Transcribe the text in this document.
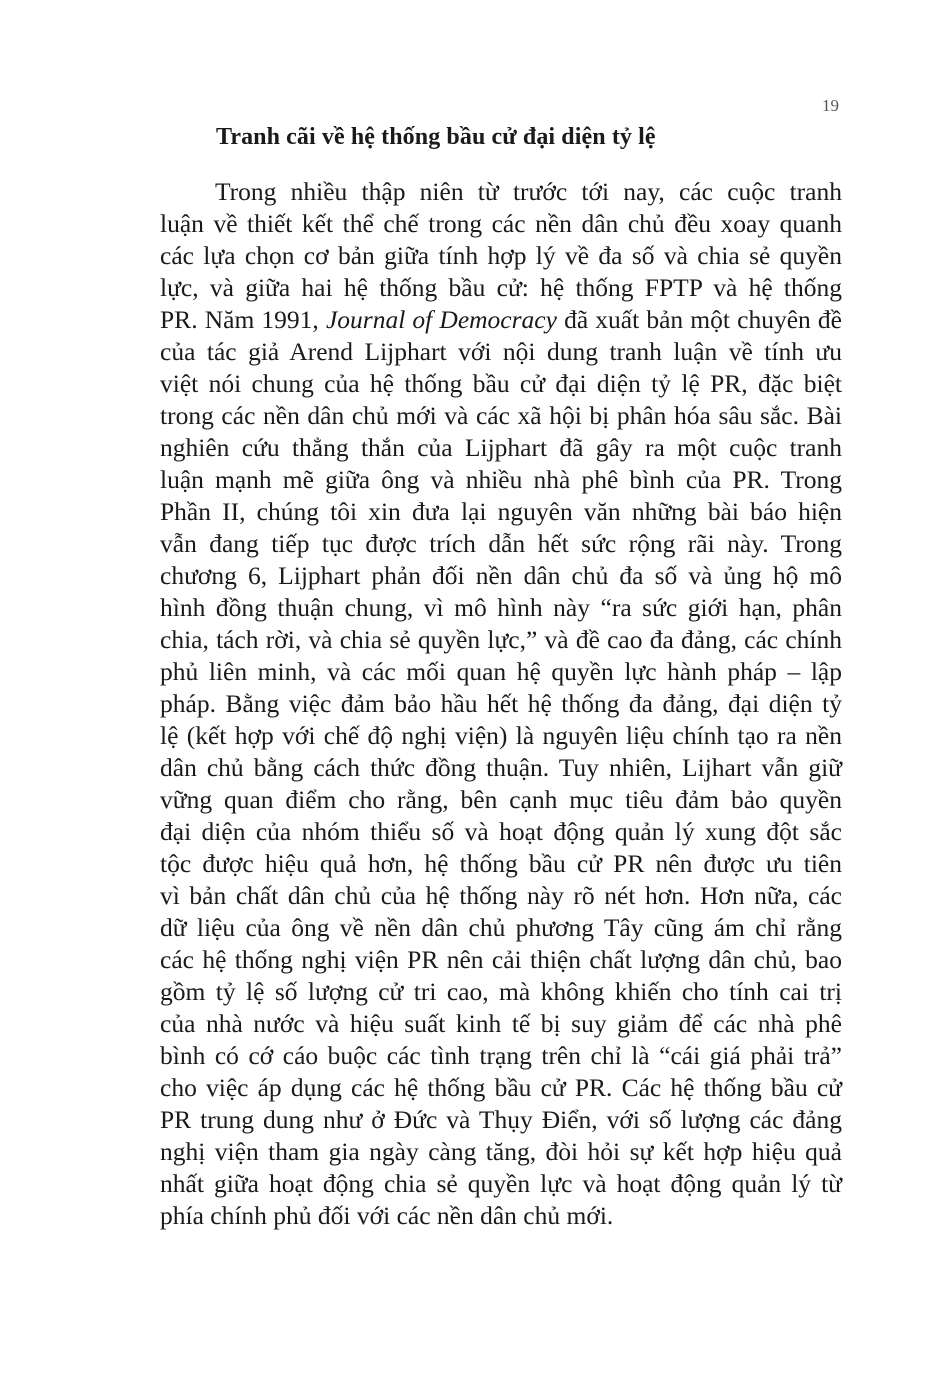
19
Tranh cãi về hệ thống bầu cử đại diện tỷ lệ
Trong nhiều thập niên từ trước tới nay, các cuộc tranh
luận về thiết kết thể chế trong các nền dân chủ đều xoay quanh
các lựa chọn cơ bản giữa tính hợp lý về đa số và chia sẻ quyền
lực, và giữa hai hệ thống bầu cử: hệ thống FPTP và hệ thống
PR. Năm 1991, Journal of Democracy đã xuất bản một chuyên đề
của tác giả Arend Lijphart với nội dung tranh luận về tính ưu
việt nói chung của hệ thống bầu cử đại diện tỷ lệ PR, đặc biệt
trong các nền dân chủ mới và các xã hội bị phân hóa sâu sắc. Bài
nghiên cứu thẳng thắn của Lijphart đã gây ra một cuộc tranh
luận mạnh mẽ giữa ông và nhiều nhà phê bình của PR. Trong
Phần II, chúng tôi xin đưa lại nguyên văn những bài báo hiện
vẫn đang tiếp tục được trích dẫn hết sức rộng rãi này. Trong
chương 6, Lijphart phản đối nền dân chủ đa số và ủng hộ mô
hình đồng thuận chung, vì mô hình này “ra sức giới hạn, phân
chia, tách rời, và chia sẻ quyền lực,” và đề cao đa đảng, các chính
phủ liên minh, và các mối quan hệ quyền lực hành pháp – lập
pháp. Bằng việc đảm bảo hầu hết hệ thống đa đảng, đại diện tỷ
lệ (kết hợp với chế độ nghị viện) là nguyên liệu chính tạo ra nền
dân chủ bằng cách thức đồng thuận. Tuy nhiên, Lijhart vẫn giữ
vững quan điểm cho rằng, bên cạnh mục tiêu đảm bảo quyền
đại diện của nhóm thiểu số và hoạt động quản lý xung đột sắc
tộc được hiệu quả hơn, hệ thống bầu cử PR nên được ưu tiên
vì bản chất dân chủ của hệ thống này rõ nét hơn. Hơn nữa, các
dữ liệu của ông về nền dân chủ phương Tây cũng ám chỉ rằng
các hệ thống nghị viện PR nên cải thiện chất lượng dân chủ, bao
gồm tỷ lệ số lượng cử tri cao, mà không khiến cho tính cai trị
của nhà nước và hiệu suất kinh tế bị suy giảm để các nhà phê
bình có cớ cáo buộc các tình trạng trên chỉ là “cái giá phải trả”
cho việc áp dụng các hệ thống bầu cử PR. Các hệ thống bầu cử
PR trung dung như ở Đức và Thụy Điển, với số lượng các đảng
nghị viện tham gia ngày càng tăng, đòi hỏi sự kết hợp hiệu quả
nhất giữa hoạt động chia sẻ quyền lực và hoạt động quản lý từ
phía chính phủ đối với các nền dân chủ mới.
